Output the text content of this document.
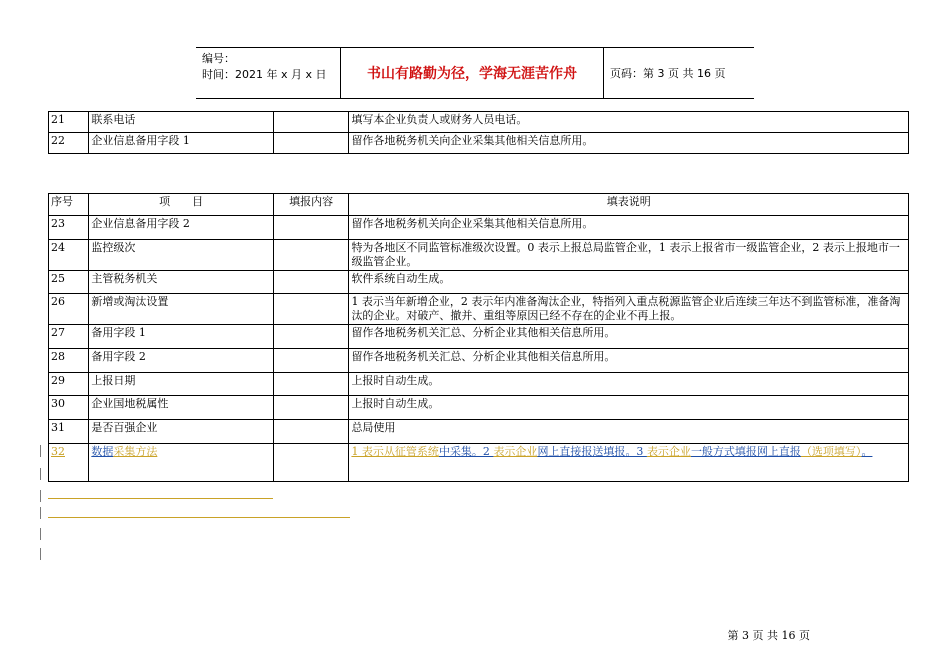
编号：
时间：2021 年 x 月 x 日	书山有路勤为径，学海无涯苦作舟	页码：第 3 页 共 16 页
21	联系电话		填写本企业负责人或财务人员电话。
22	企业信息备用字段 1		留作各地税务机关向企业采集其他相关信息所用。
序号	项　　目	填报内容	填表说明
23	企业信息备用字段 2		留作各地税务机关向企业采集其他相关信息所用。
24	监控级次		特为各地区不同监管标准级次设置。0 表示上报总局监管企业，1 表示上报省市一级监管企业，2 表示上报地市一级监管企业。
25	主管税务机关		软件系统自动生成。
26	新增或淘汰设置		1 表示当年新增企业，2 表示年内准备淘汰企业，特指列入重点税源监管企业后连续三年达不到监管标准，准备淘汰的企业。对破产、撤并、重组等原因已经不存在的企业不再上报。
27	备用字段 1		留作各地税务机关汇总、分析企业其他相关信息所用。
28	备用字段 2		留作各地税务机关汇总、分析企业其他相关信息所用。
29	上报日期		上报时自动生成。
30	企业国地税属性		上报时自动生成。
31	是否百强企业		总局使用
32	数据采集方法		1 表示从征管系统中采集。2 表示企业网上直接报送填报。3 表示企业一般方式填报网上直报（选项填写）。
第 3 页 共 16 页
